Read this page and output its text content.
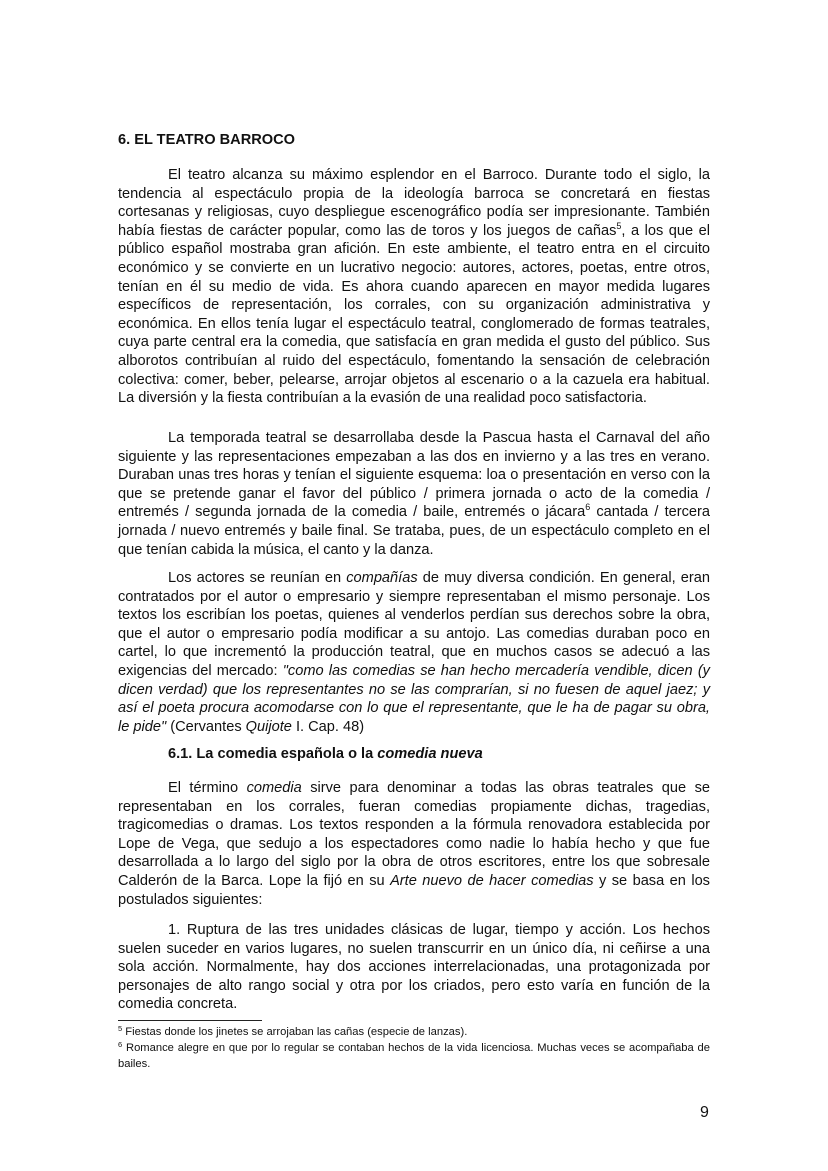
6. EL TEATRO BARROCO

El teatro alcanza su máximo esplendor en el Barroco. Durante todo el siglo, la tendencia al espectáculo propia de la ideología barroca se concretará en fiestas cortesanas y religiosas, cuyo despliegue escenográfico podía ser impresionante. También había fiestas de carácter popular, como las de toros y los juegos de cañas$^5$, a los que el público español mostraba gran afición. En este ambiente, el teatro entra en el circuito económico y se convierte en un lucrativo negocio: autores, actores, poetas, entre otros, tenían en él su medio de vida. Es ahora cuando aparecen en mayor medida lugares específicos de representación, los corrales, con su organización administrativa y económica. En ellos tenía lugar el espectáculo teatral, conglomerado de formas teatrales, cuya parte central era la comedia, que satisfacía en gran medida el gusto del público. Sus alborotos contribuían al ruido del espectáculo, fomentando la sensación de celebración colectiva: comer, beber, pelearse, arrojar objetos al escenario o a la cazuela era habitual. La diversión y la fiesta contribuían a la evasión de una realidad poco satisfactoria.

La temporada teatral se desarrollaba desde la Pascua hasta el Carnaval del año siguiente y las representaciones empezaban a las dos en invierno y a las tres en verano. Duraban unas tres horas y tenían el siguiente esquema: loa o presentación en verso con la que se pretende ganar el favor del público / primera jornada o acto de la comedia / entremés / segunda jornada de la comedia / baile, entremés o jácara$^6$ cantada / tercera jornada / nuevo entremés y baile final. Se trataba, pues, de un espectáculo completo en el que tenían cabida la música, el canto y la danza.

Los actores se reunían en compañías de muy diversa condición. En general, eran contratados por el autor o empresario y siempre representaban el mismo personaje. Los textos los escribían los poetas, quienes al venderlos perdían sus derechos sobre la obra, que el autor o empresario podía modificar a su antojo. Las comedias duraban poco en cartel, lo que incrementó la producción teatral, que en muchos casos se adecuó a las exigencias del mercado: "como las comedias se han hecho mercadería vendible, dicen (y dicen verdad) que los representantes no se las comprarían, si no fuesen de aquel jaez; y así el poeta procura acomodarse con lo que el representante, que le ha de pagar su obra, le pide" (Cervantes Quijote I. Cap. 48)

6.1. La comedia española o la comedia nueva

El término comedia sirve para denominar a todas las obras teatrales que se representaban en los corrales, fueran comedias propiamente dichas, tragedias, tragicomedias o dramas. Los textos responden a la fórmula renovadora establecida por Lope de Vega, que sedujo a los espectadores como nadie lo había hecho y que fue desarrollada a lo largo del siglo por la obra de otros escritores, entre los que sobresale Calderón de la Barca. Lope la fijó en su Arte nuevo de hacer comedias y se basa en los postulados siguientes:

1. Ruptura de las tres unidades clásicas de lugar, tiempo y acción. Los hechos suelen suceder en varios lugares, no suelen transcurrir en un único día, ni ceñirse a una sola acción. Normalmente, hay dos acciones interrelacionadas, una protagonizada por personajes de alto rango social y otra por los criados, pero esto varía en función de la comedia concreta.

$^5$ Fiestas donde los jinetes se arrojaban las cañas (especie de lanzas).

$^6$ Romance alegre en que por lo regular se contaban hechos de la vida licenciosa. Muchas veces se acompañaba de bailes.

9
